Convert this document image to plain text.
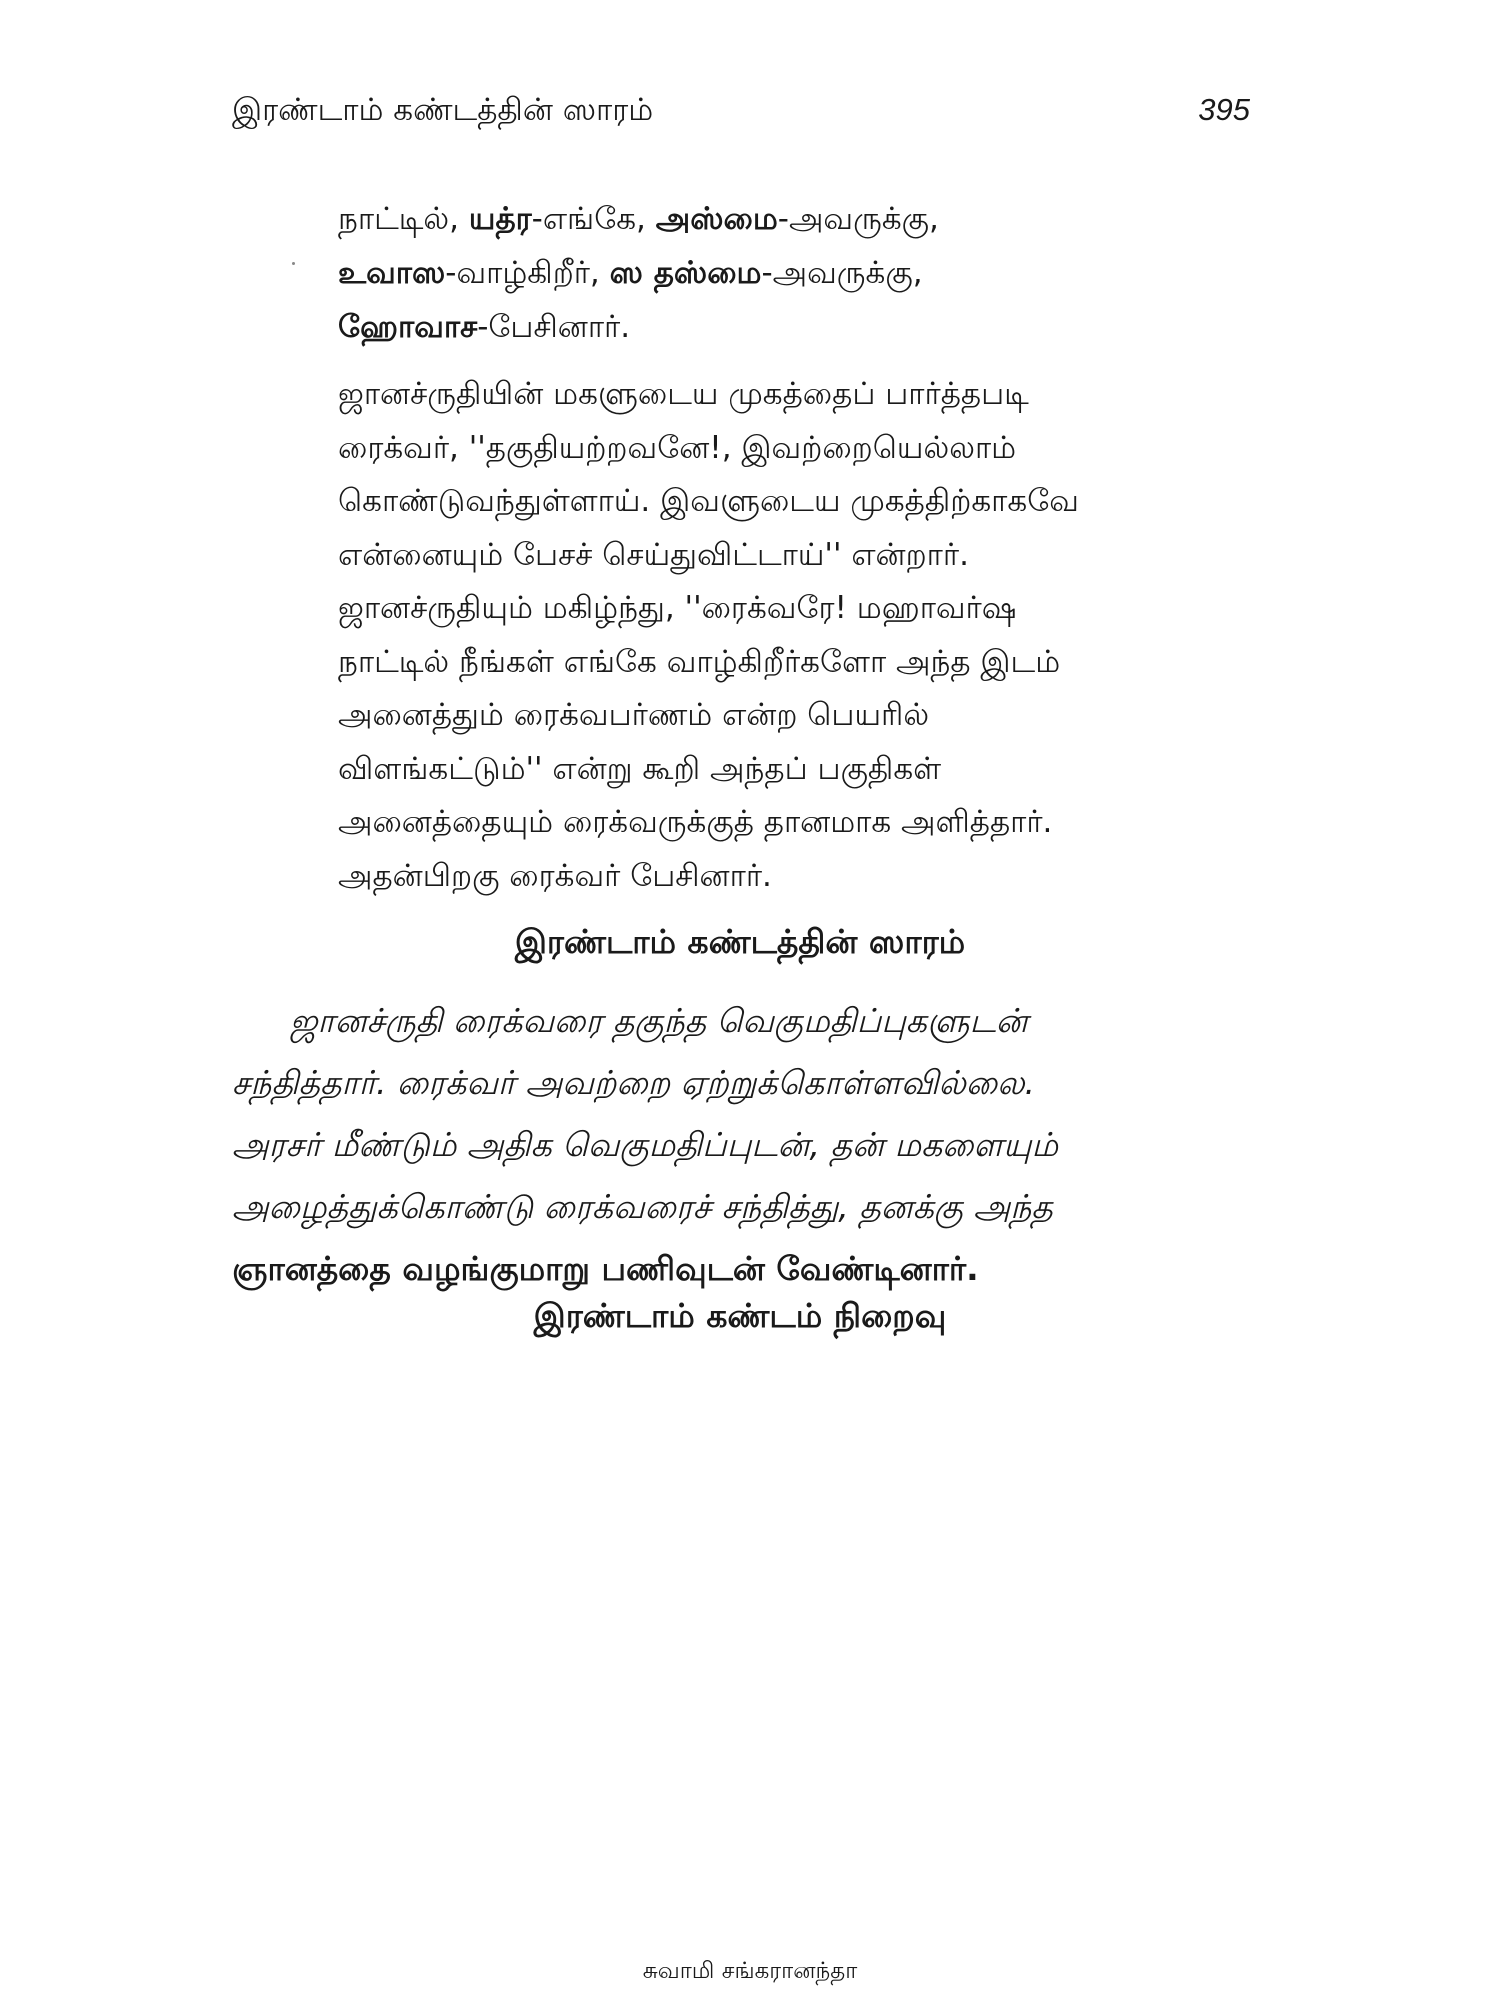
இரண்டாம் கண்டத்தின் ஸாரம்	395
நாட்டில், யத்ர-எங்கே, அஸ்மை-அவருக்கு,
உவாஸ-வாழ்கிறீர், ஸ தஸ்மை-அவருக்கு,
ஹோவாச-பேசினார்.
ஜானச்ருதியின் மகளுடைய முகத்தைப் பார்த்தபடி
ரைக்வர், ''தகுதியற்றவனே!, இவற்றையெல்லாம்
கொண்டுவந்துள்ளாய். இவளுடைய முகத்திற்காகவே
என்னையும் பேசச் செய்துவிட்டாய்'' என்றார்.
ஜானச்ருதியும் மகிழ்ந்து, ''ரைக்வரே! மஹாவர்ஷ
நாட்டில் நீங்கள் எங்கே வாழ்கிறீர்களோ அந்த இடம்
அனைத்தும் ரைக்வபர்ணம் என்ற பெயரில்
விளங்கட்டும்'' என்று கூறி அந்தப் பகுதிகள்
அனைத்தையும் ரைக்வருக்குத் தானமாக அளித்தார்.
அதன்பிறகு ரைக்வர் பேசினார்.
இரண்டாம் கண்டத்தின் ஸாரம்
ஜானச்ருதி ரைக்வரை தகுந்த வெகுமதிப்புகளுடன்
சந்தித்தார். ரைக்வர் அவற்றை ஏற்றுக்கொள்ளவில்லை.
அரசர் மீண்டும் அதிக வெகுமதிப்புடன், தன் மகளையும்
அழைத்துக்கொண்டு ரைக்வரைச் சந்தித்து, தனக்கு அந்த
ஞானத்தை வழங்குமாறு பணிவுடன் வேண்டினார்.
இரண்டாம் கண்டம் நிறைவு
சுவாமி சங்கரானந்தா
